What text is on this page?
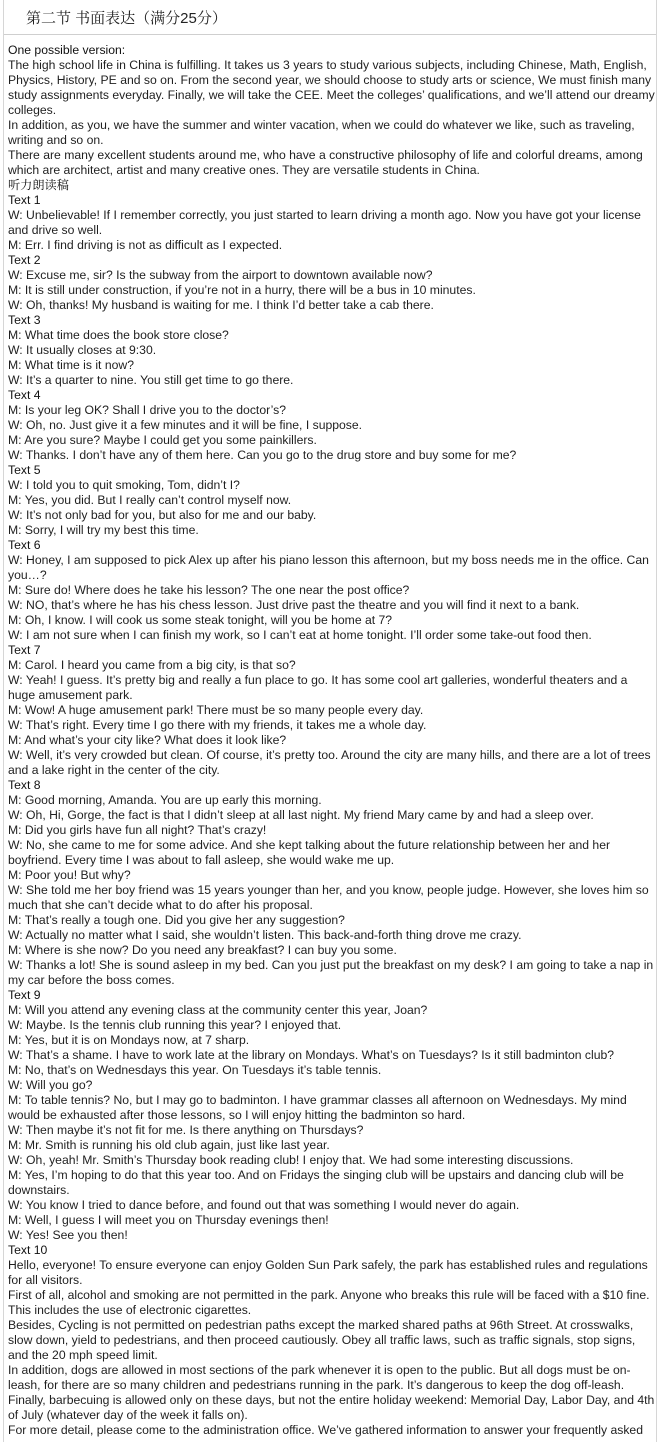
第二节 书面表达（满分25分）

One possible version:

The high school life in China is fulfilling. It takes us 3 years to study various subjects, including Chinese, Math, English, Physics, History, PE and so on. From the second year, we should choose to study arts or science, We must finish many study assignments everyday. Finally, we will take the CEE. Meet the colleges’ qualifications, and we’ll attend our dreamy colleges.

In addition, as you, we have the summer and winter vacation, when we could do whatever we like, such as traveling, writing and so on.

There are many excellent students around me, who have a constructive philosophy of life and colorful dreams, among which are architect, artist and many creative ones. They are versatile students in China.

听力朗读稿

Text 1

W: Unbelievable! If I remember correctly, you just started to learn driving a month ago. Now you have got your license and drive so well.

M: Err. I find driving is not as difficult as I expected.

Text 2

W: Excuse me, sir? Is the subway from the airport to downtown available now?

M: It is still under construction, if you’re not in a hurry, there will be a bus in 10 minutes.

W: Oh, thanks! My husband is waiting for me. I think I’d better take a cab there.

Text 3

M: What time does the book store close?

W: It usually closes at 9:30.

M: What time is it now?

W: It’s a quarter to nine. You still get time to go there.

Text 4

M: Is your leg OK? Shall I drive you to the doctor’s?

W: Oh, no. Just give it a few minutes and it will be fine, I suppose.

M: Are you sure? Maybe I could get you some painkillers.

W: Thanks. I don’t have any of them here. Can you go to the drug store and buy some for me?

Text 5

W: I told you to quit smoking, Tom, didn’t I?

M: Yes, you did. But I really can’t control myself now.

W: It’s not only bad for you, but also for me and our baby.

M: Sorry, I will try my best this time.

Text 6

W: Honey, I am supposed to pick Alex up after his piano lesson this afternoon, but my boss needs me in the office. Can you…?

M: Sure do! Where does he take his lesson? The one near the post office?

W: NO, that’s where he has his chess lesson. Just drive past the theatre and you will find it next to a bank.

M: Oh, I know. I will cook us some steak tonight, will you be home at 7?

W: I am not sure when I can finish my work, so I can’t eat at home tonight. I’ll order some take-out food then.

Text 7

M: Carol. I heard you came from a big city, is that so?

W: Yeah! I guess. It’s pretty big and really a fun place to go. It has some cool art galleries, wonderful theaters and a huge amusement park.

M: Wow! A huge amusement park! There must be so many people every day.

W: That’s right. Every time I go there with my friends, it takes me a whole day.

M: And what’s your city like? What does it look like?

W: Well, it’s very crowded but clean. Of course, it’s pretty too. Around the city are many hills, and there are a lot of trees and a lake right in the center of the city.

Text 8

M: Good morning, Amanda. You are up early this morning.

W: Oh, Hi, Gorge, the fact is that I didn’t sleep at all last night. My friend Mary came by and had a sleep over.

M: Did you girls have fun all night? That’s crazy!

W: No, she came to me for some advice. And she kept talking about the future relationship between her and her boyfriend. Every time I was about to fall asleep, she would wake me up.

M: Poor you! But why?

W: She told me her boy friend was 15 years younger than her, and you know, people judge. However, she loves him so much that she can’t decide what to do after his proposal.

M: That’s really a tough one. Did you give her any suggestion?

W: Actually no matter what I said, she wouldn’t listen. This back-and-forth thing drove me crazy.

M: Where is she now? Do you need any breakfast? I can buy you some.

W: Thanks a lot! She is sound asleep in my bed. Can you just put the breakfast on my desk? I am going to take a nap in my car before the boss comes.

Text 9

M: Will you attend any evening class at the community center this year, Joan?

W: Maybe. Is the tennis club running this year? I enjoyed that.

M: Yes, but it is on Mondays now, at 7 sharp.

W: That’s a shame. I have to work late at the library on Mondays. What’s on Tuesdays? Is it still badminton club?

M: No, that’s on Wednesdays this year. On Tuesdays it’s table tennis.

W: Will you go?

M: To table tennis? No, but I may go to badminton. I have grammar classes all afternoon on Wednesdays. My mind would be exhausted after those lessons, so I will enjoy hitting the badminton so hard.

W: Then maybe it’s not fit for me. Is there anything on Thursdays?

M: Mr. Smith is running his old club again, just like last year.

W: Oh, yeah! Mr. Smith’s Thursday book reading club! I enjoy that. We had some interesting discussions.

M: Yes, I’m hoping to do that this year too. And on Fridays the singing club will be upstairs and dancing club will be downstairs.

W: You know I tried to dance before, and found out that was something I would never do again.

M: Well, I guess I will meet you on Thursday evenings then!

W: Yes! See you then!

Text 10

Hello, everyone! To ensure everyone can enjoy Golden Sun Park safely, the park has established rules and regulations for all visitors.

First of all, alcohol and smoking are not permitted in the park. Anyone who breaks this rule will be faced with a $10 fine. This includes the use of electronic cigarettes.

Besides, Cycling is not permitted on pedestrian paths except the marked shared paths at 96th Street. At crosswalks, slow down, yield to pedestrians, and then proceed cautiously. Obey all traffic laws, such as traffic signals, stop signs, and the 20 mph speed limit.

In addition, dogs are allowed in most sections of the park whenever it is open to the public. But all dogs must be on-leash, for there are so many children and pedestrians running in the park. It’s dangerous to keep the dog off-leash.

Finally, barbecuing is allowed only on these days, but not the entire holiday weekend: Memorial Day, Labor Day, and 4th of July (whatever day of the week it falls on).

For more detail, please come to the administration office. We’ve gathered information to answer your frequently asked
